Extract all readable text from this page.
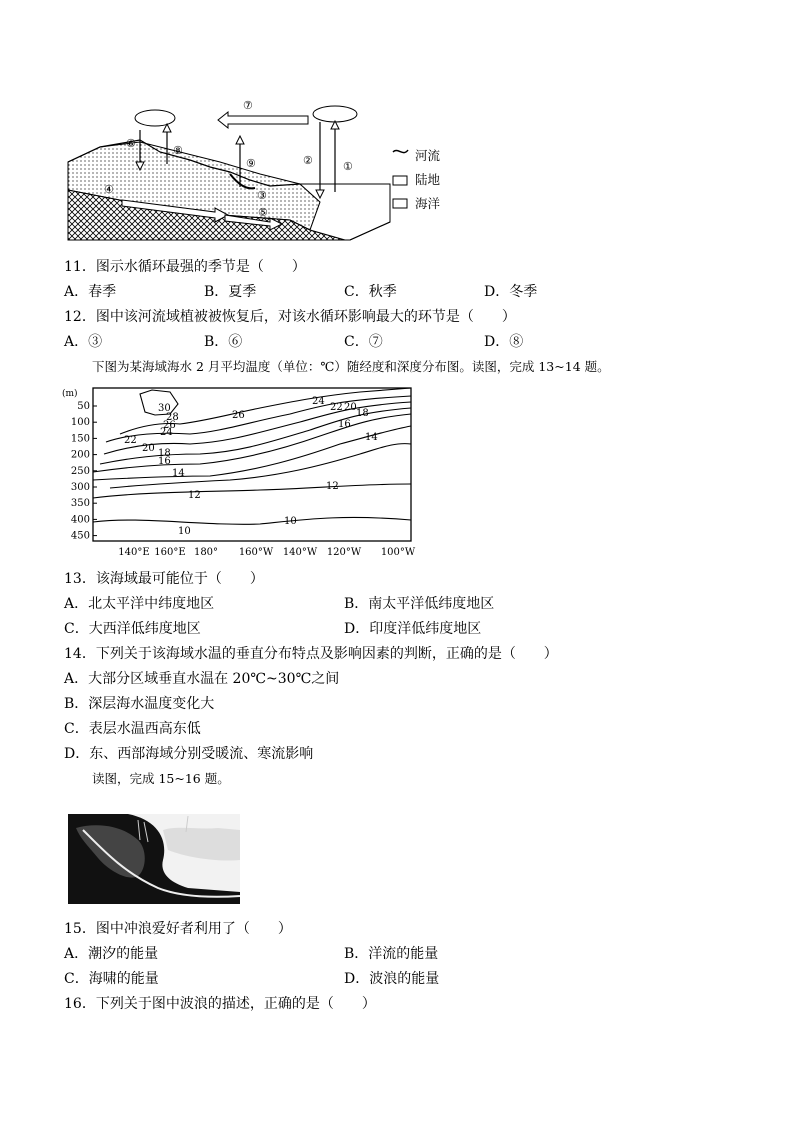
①
②
③
④
⑤
⑥
⑦
⑧
⑨
河流
陆地
海洋
11．图示水循环最强的季节是（　　）
A．春季	B．夏季	C．秋季	D．冬季
12．图中该河流域植被被恢复后，对该水循环影响最大的环节是（　　）
A．③	B．⑥	C．⑦	D．⑧
下图为某海域海水 2 月平均温度（单位：℃）随经度和深度分布图。读图，完成 13~14 题。
(m)
50
100
150
200
250
300
350
400
450
140°E 160°E 180° 160°W 140°W 120°W 100°W
30
28
26
26
24
24
22
22
20
20
18
18
16
16
14
14
12
12
10
10
13．该海域最可能位于（　　）
A．北太平洋中纬度地区	B．南太平洋低纬度地区
C．大西洋低纬度地区	D．印度洋低纬度地区
14．下列关于该海域水温的垂直分布特点及影响因素的判断，正确的是（　　）
A．大部分区域垂直水温在 20℃~30℃之间
B．深层海水温度变化大
C．表层水温西高东低
D．东、西部海域分别受暖流、寒流影响
读图，完成 15~16 题。
15．图中冲浪爱好者利用了（　　）
A．潮汐的能量	B．洋流的能量
C．海啸的能量	D．波浪的能量
16．下列关于图中波浪的描述，正确的是（　　）
